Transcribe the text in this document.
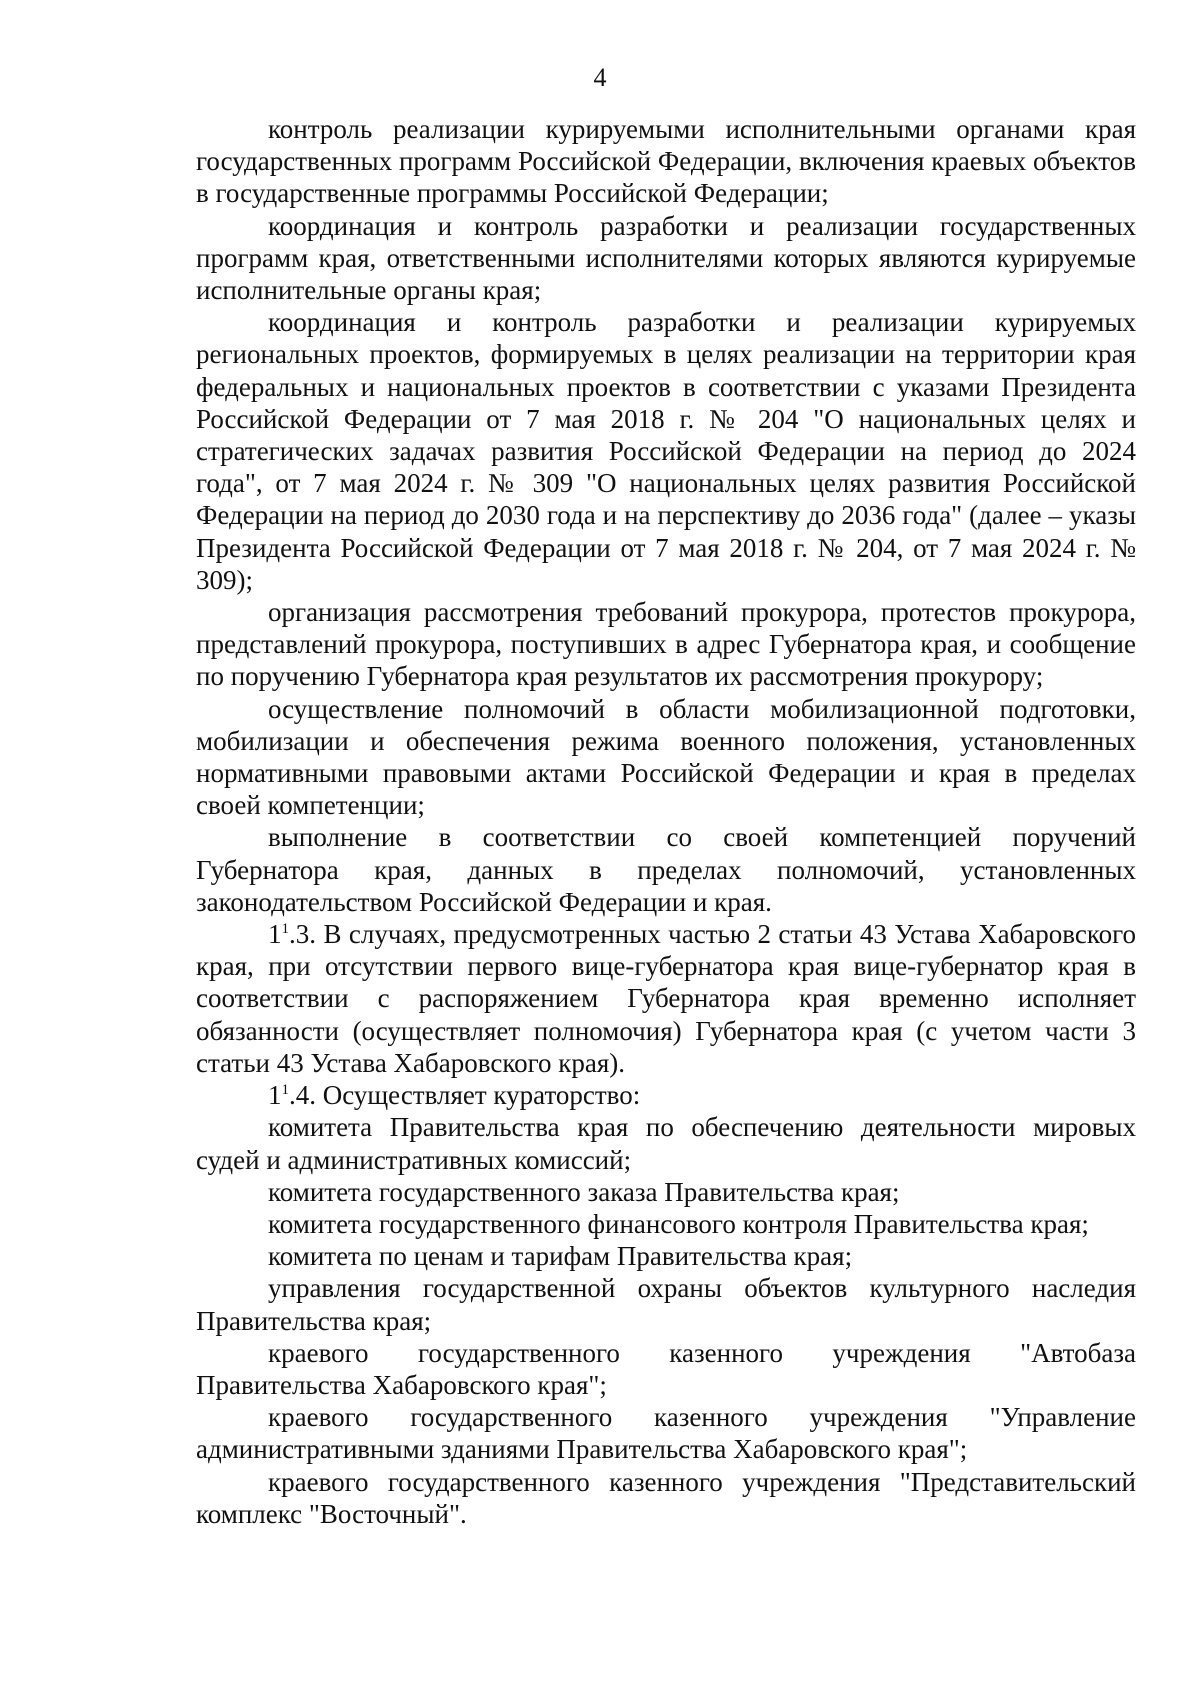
4

контроль реализации курируемыми исполнительными органами края государственных программ Российской Федерации, включения краевых объектов в государственные программы Российской Федерации;

координация и контроль разработки и реализации государственных программ края, ответственными исполнителями которых являются курируемые исполнительные органы края;

координация и контроль разработки и реализации курируемых региональных проектов, формируемых в целях реализации на территории края федеральных и национальных проектов в соответствии с указами Президента Российской Федерации от 7 мая 2018 г. № 204 "О национальных целях и стратегических задачах развития Российской Федерации на период до 2024 года", от 7 мая 2024 г. № 309 "О национальных целях развития Российской Федерации на период до 2030 года и на перспективу до 2036 года" (далее – указы Президента Российской Федерации от 7 мая 2018 г. № 204, от 7 мая 2024 г. № 309);

организация рассмотрения требований прокурора, протестов прокурора, представлений прокурора, поступивших в адрес Губернатора края, и сообщение по поручению Губернатора края результатов их рассмотрения прокурору;

осуществление полномочий в области мобилизационной подготовки, мобилизации и обеспечения режима военного положения, установленных нормативными правовыми актами Российской Федерации и края в пределах своей компетенции;

выполнение в соответствии со своей компетенцией поручений Губернатора края, данных в пределах полномочий, установленных законодательством Российской Федерации и края.

$1^1.3$. В случаях, предусмотренных частью 2 статьи 43 Устава Хабаровского края, при отсутствии первого вице-губернатора края вице-губернатор края в соответствии с распоряжением Губернатора края временно исполняет обязанности (осуществляет полномочия) Губернатора края (с учетом части 3 статьи 43 Устава Хабаровского края).

$1^1.4$. Осуществляет кураторство:

комитета Правительства края по обеспечению деятельности мировых судей и административных комиссий;

комитета государственного заказа Правительства края;

комитета государственного финансового контроля Правительства края;

комитета по ценам и тарифам Правительства края;

управления государственной охраны объектов культурного наследия Правительства края;

краевого государственного казенного учреждения "Автобаза Правительства Хабаровского края";

краевого государственного казенного учреждения "Управление административными зданиями Правительства Хабаровского края";

краевого государственного казенного учреждения "Представительский комплекс "Восточный".
